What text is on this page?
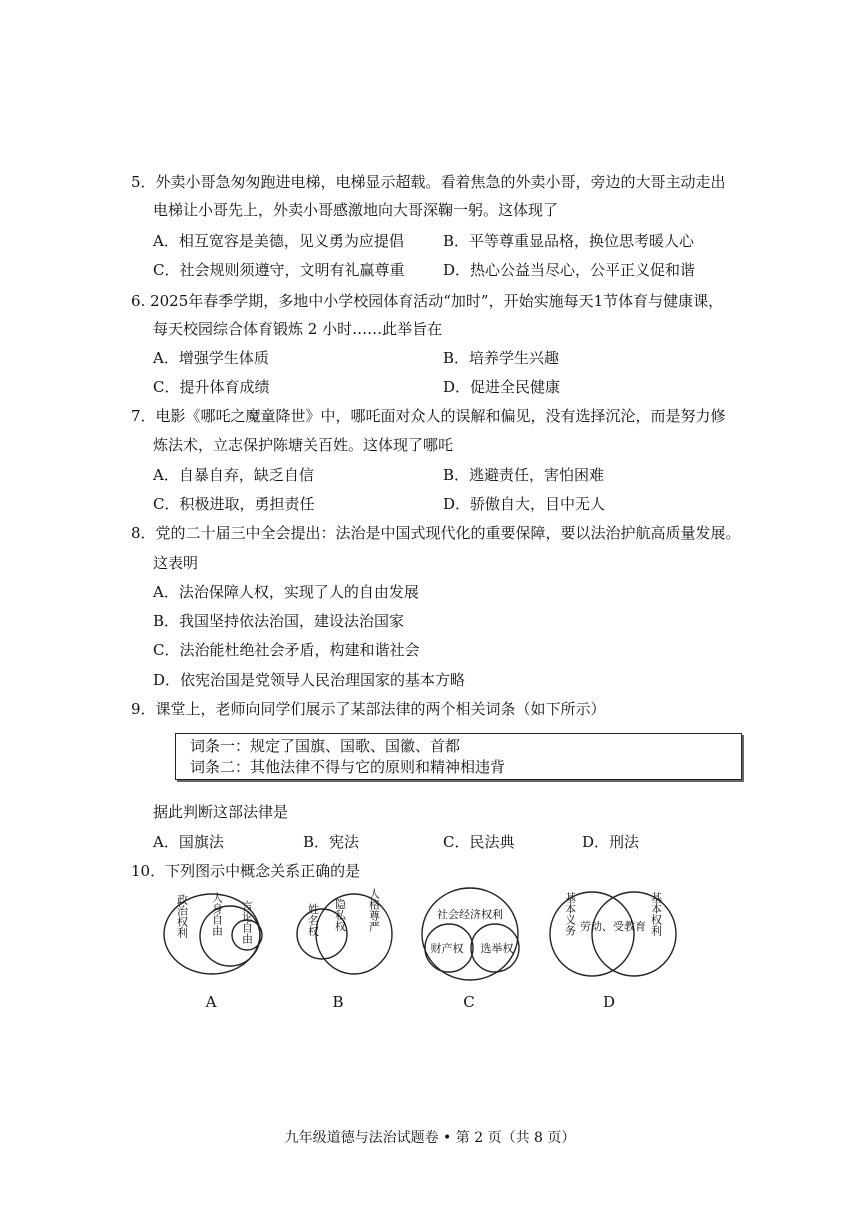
5．外卖小哥急匆匆跑进电梯，电梯显示超载。看着焦急的外卖小哥，旁边的大哥主动走出
电梯让小哥先上，外卖小哥感激地向大哥深鞠一躬。这体现了
A．相互宽容是美德，见义勇为应提倡	B．平等尊重显品格，换位思考暖人心
C．社会规则须遵守，文明有礼赢尊重	D．热心公益当尽心，公平正义促和谐
6. 2025年春季学期，多地中小学校园体育活动“加时”，开始实施每天1节体育与健康课，
每天校园综合体育锻炼 2 小时……此举旨在
A．增强学生体质	B．培养学生兴趣
C．提升体育成绩	D．促进全民健康
7．电影《哪吒之魔童降世》中，哪吒面对众人的误解和偏见，没有选择沉沦，而是努力修
炼法术，立志保护陈塘关百姓。这体现了哪吒
A．自暴自弃，缺乏自信	B．逃避责任，害怕困难
C．积极进取，勇担责任	D．骄傲自大，目中无人
8．党的二十届三中全会提出：法治是中国式现代化的重要保障，要以法治护航高质量发展。
这表明
A．法治保障人权，实现了人的自由发展
B．我国坚持依法治国，建设法治国家
C．法治能杜绝社会矛盾，构建和谐社会
D．依宪治国是党领导人民治理国家的基本方略
9．课堂上，老师向同学们展示了某部法律的两个相关词条（如下所示）
词条一：规定了国旗、国歌、国徽、首都
词条二：其他法律不得与它的原则和精神相违背
据此判断这部法律是
A．国旗法	B．宪法	C．民法典	D．刑法
10．下列图示中概念关系正确的是
政治权利 人身自由 言论自由	姓名权 隐私权 人格尊严	社会经济权利
财产权 选举权
基本义务 劳动、受教育 基本权利
A	B	C	D
九年级道德与法治试题卷 • 第 2 页（共 8 页）
